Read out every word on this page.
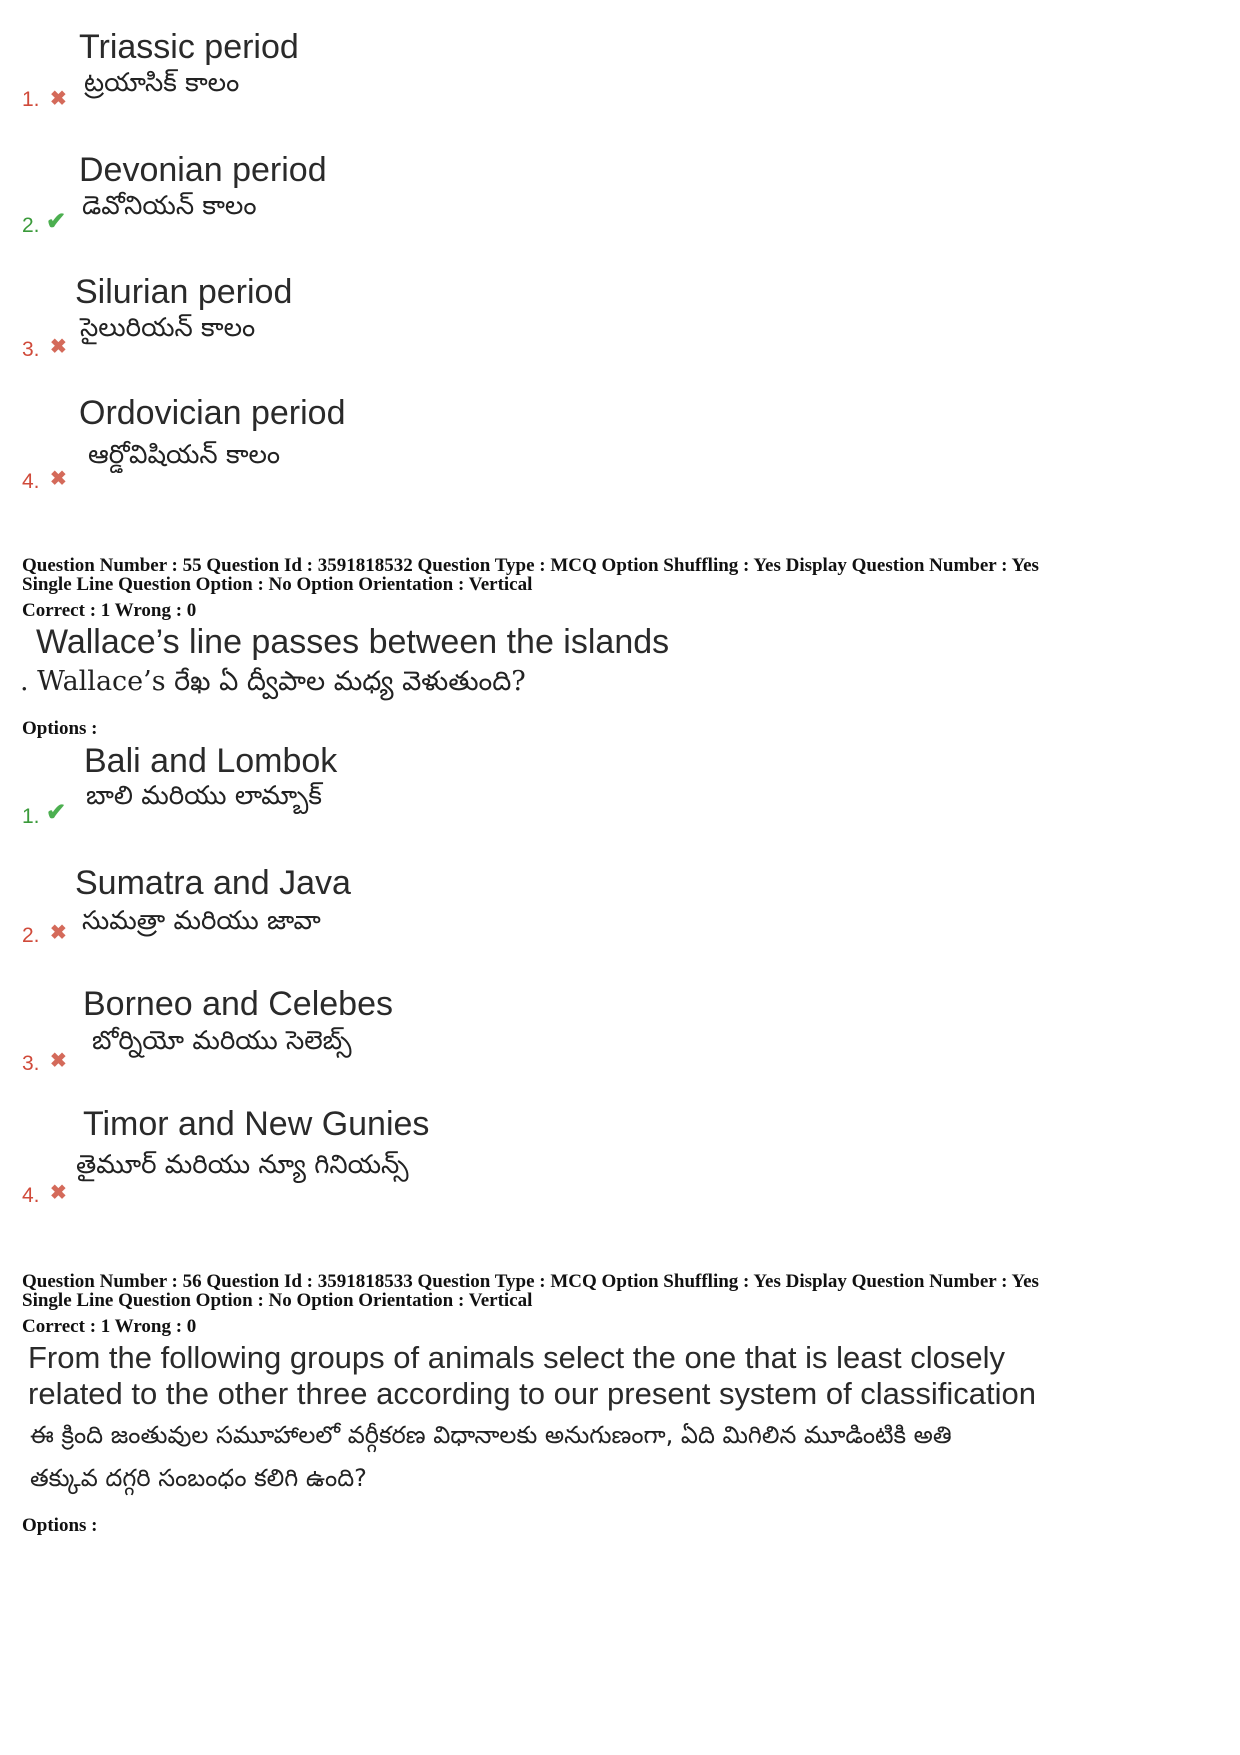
Triassic period
ట్రయాసిక్ కాలం
1. ✖
Devonian period
డెవోనియన్ కాలం
2. ✔
Silurian period
సైలురియన్ కాలం
3. ✖
Ordovician period
ఆర్డోవిషియన్ కాలం
4. ✖
Question Number : 55 Question Id : 3591818532 Question Type : MCQ Option Shuffling : Yes Display Question Number : Yes
Single Line Question Option : No Option Orientation : Vertical
Correct : 1 Wrong : 0
Wallace’s line passes between the islands
. Wallace’s రేఖ ఏ ద్వీపాల మధ్య వెళుతుంది?
Options :
Bali and Lombok
బాలి మరియు లామ్బాక్
1. ✔
Sumatra and Java
సుమత్రా మరియు జావా
2. ✖
Borneo and Celebes
బోర్నియో మరియు సెలెబ్స్
3. ✖
Timor and New Gunies
తైమూర్ మరియు న్యూ గినియన్స్
4. ✖
Question Number : 56 Question Id : 3591818533 Question Type : MCQ Option Shuffling : Yes Display Question Number : Yes
Single Line Question Option : No Option Orientation : Vertical
Correct : 1 Wrong : 0
From the following groups of animals select the one that is least closely
related to the other three according to our present system of classification
ఈ క్రింది జంతువుల సమూహాలలో వర్గీకరణ విధానాలకు అనుగుణంగా, ఏది మిగిలిన మూడింటికి అతి
తక్కువ దగ్గరి సంబంధం కలిగి ఉంది?
Options :
